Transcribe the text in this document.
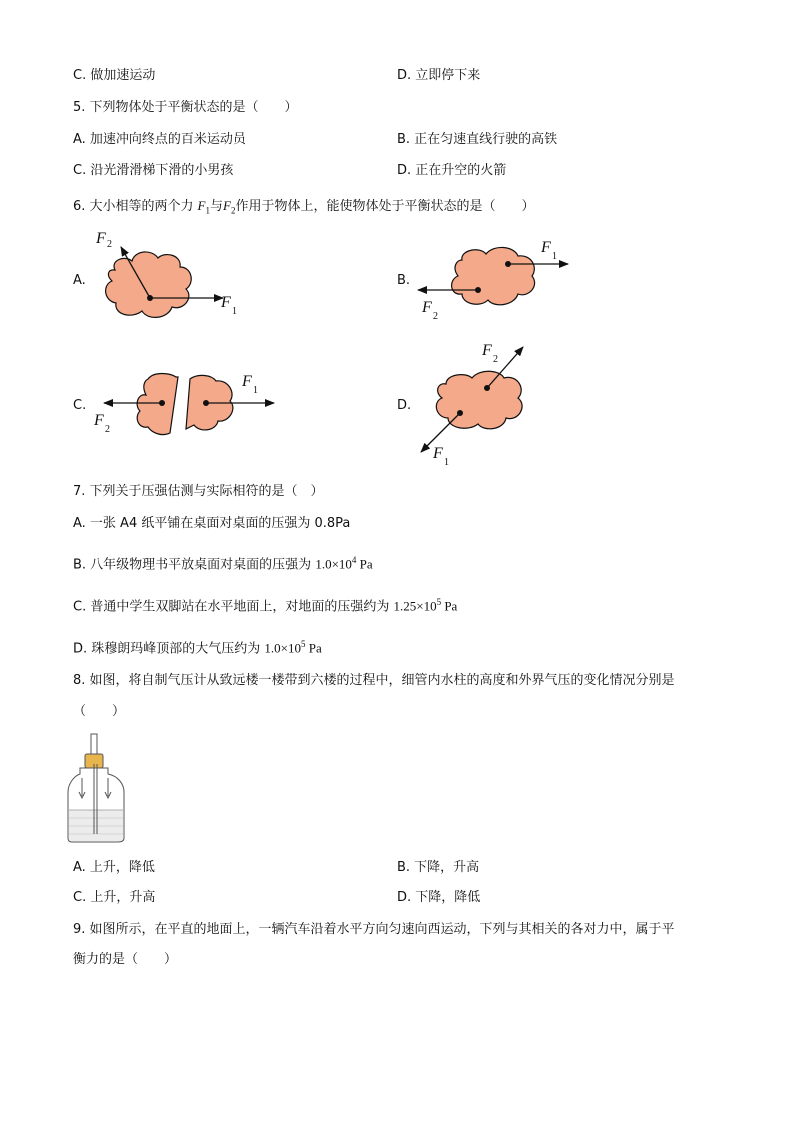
C. 做加速运动	D. 立即停下来
5. 下列物体处于平衡状态的是（　　）
A. 加速冲向终点的百米运动员	B. 正在匀速直线行驶的高铁
C. 沿光滑滑梯下滑的小男孩	D. 正在升空的火箭
6. 大小相等的两个力 $F_1$与$F_2$作用于物体上，能使物体处于平衡状态的是（　　）
A.	B.
C.	D.
F 2
F
1
F
1
F
2
F
1
F
2
F
2
F
1
7. 下列关于压强估测与实际相符的是（　）
A. 一张 A4 纸平铺在桌面对桌面的压强为 0.8Pa
B. 八年级物理书平放桌面对桌面的压强为 $1.0\times 10^4$ Pa
C. 普通中学生双脚站在水平地面上，对地面的压强约为 $1.25\times 10^5$ Pa
D. 珠穆朗玛峰顶部的大气压约为 $1.0\times 10^5$ Pa
8. 如图，将自制气压计从致远楼一楼带到六楼的过程中，细管内水柱的高度和外界气压的变化情况分别是
（　　）
A. 上升，降低	B. 下降，升高
C. 上升，升高	D. 下降，降低
9. 如图所示，在平直的地面上，一辆汽车沿着水平方向匀速向西运动，下列与其相关的各对力中，属于平
衡力的是（　　）
